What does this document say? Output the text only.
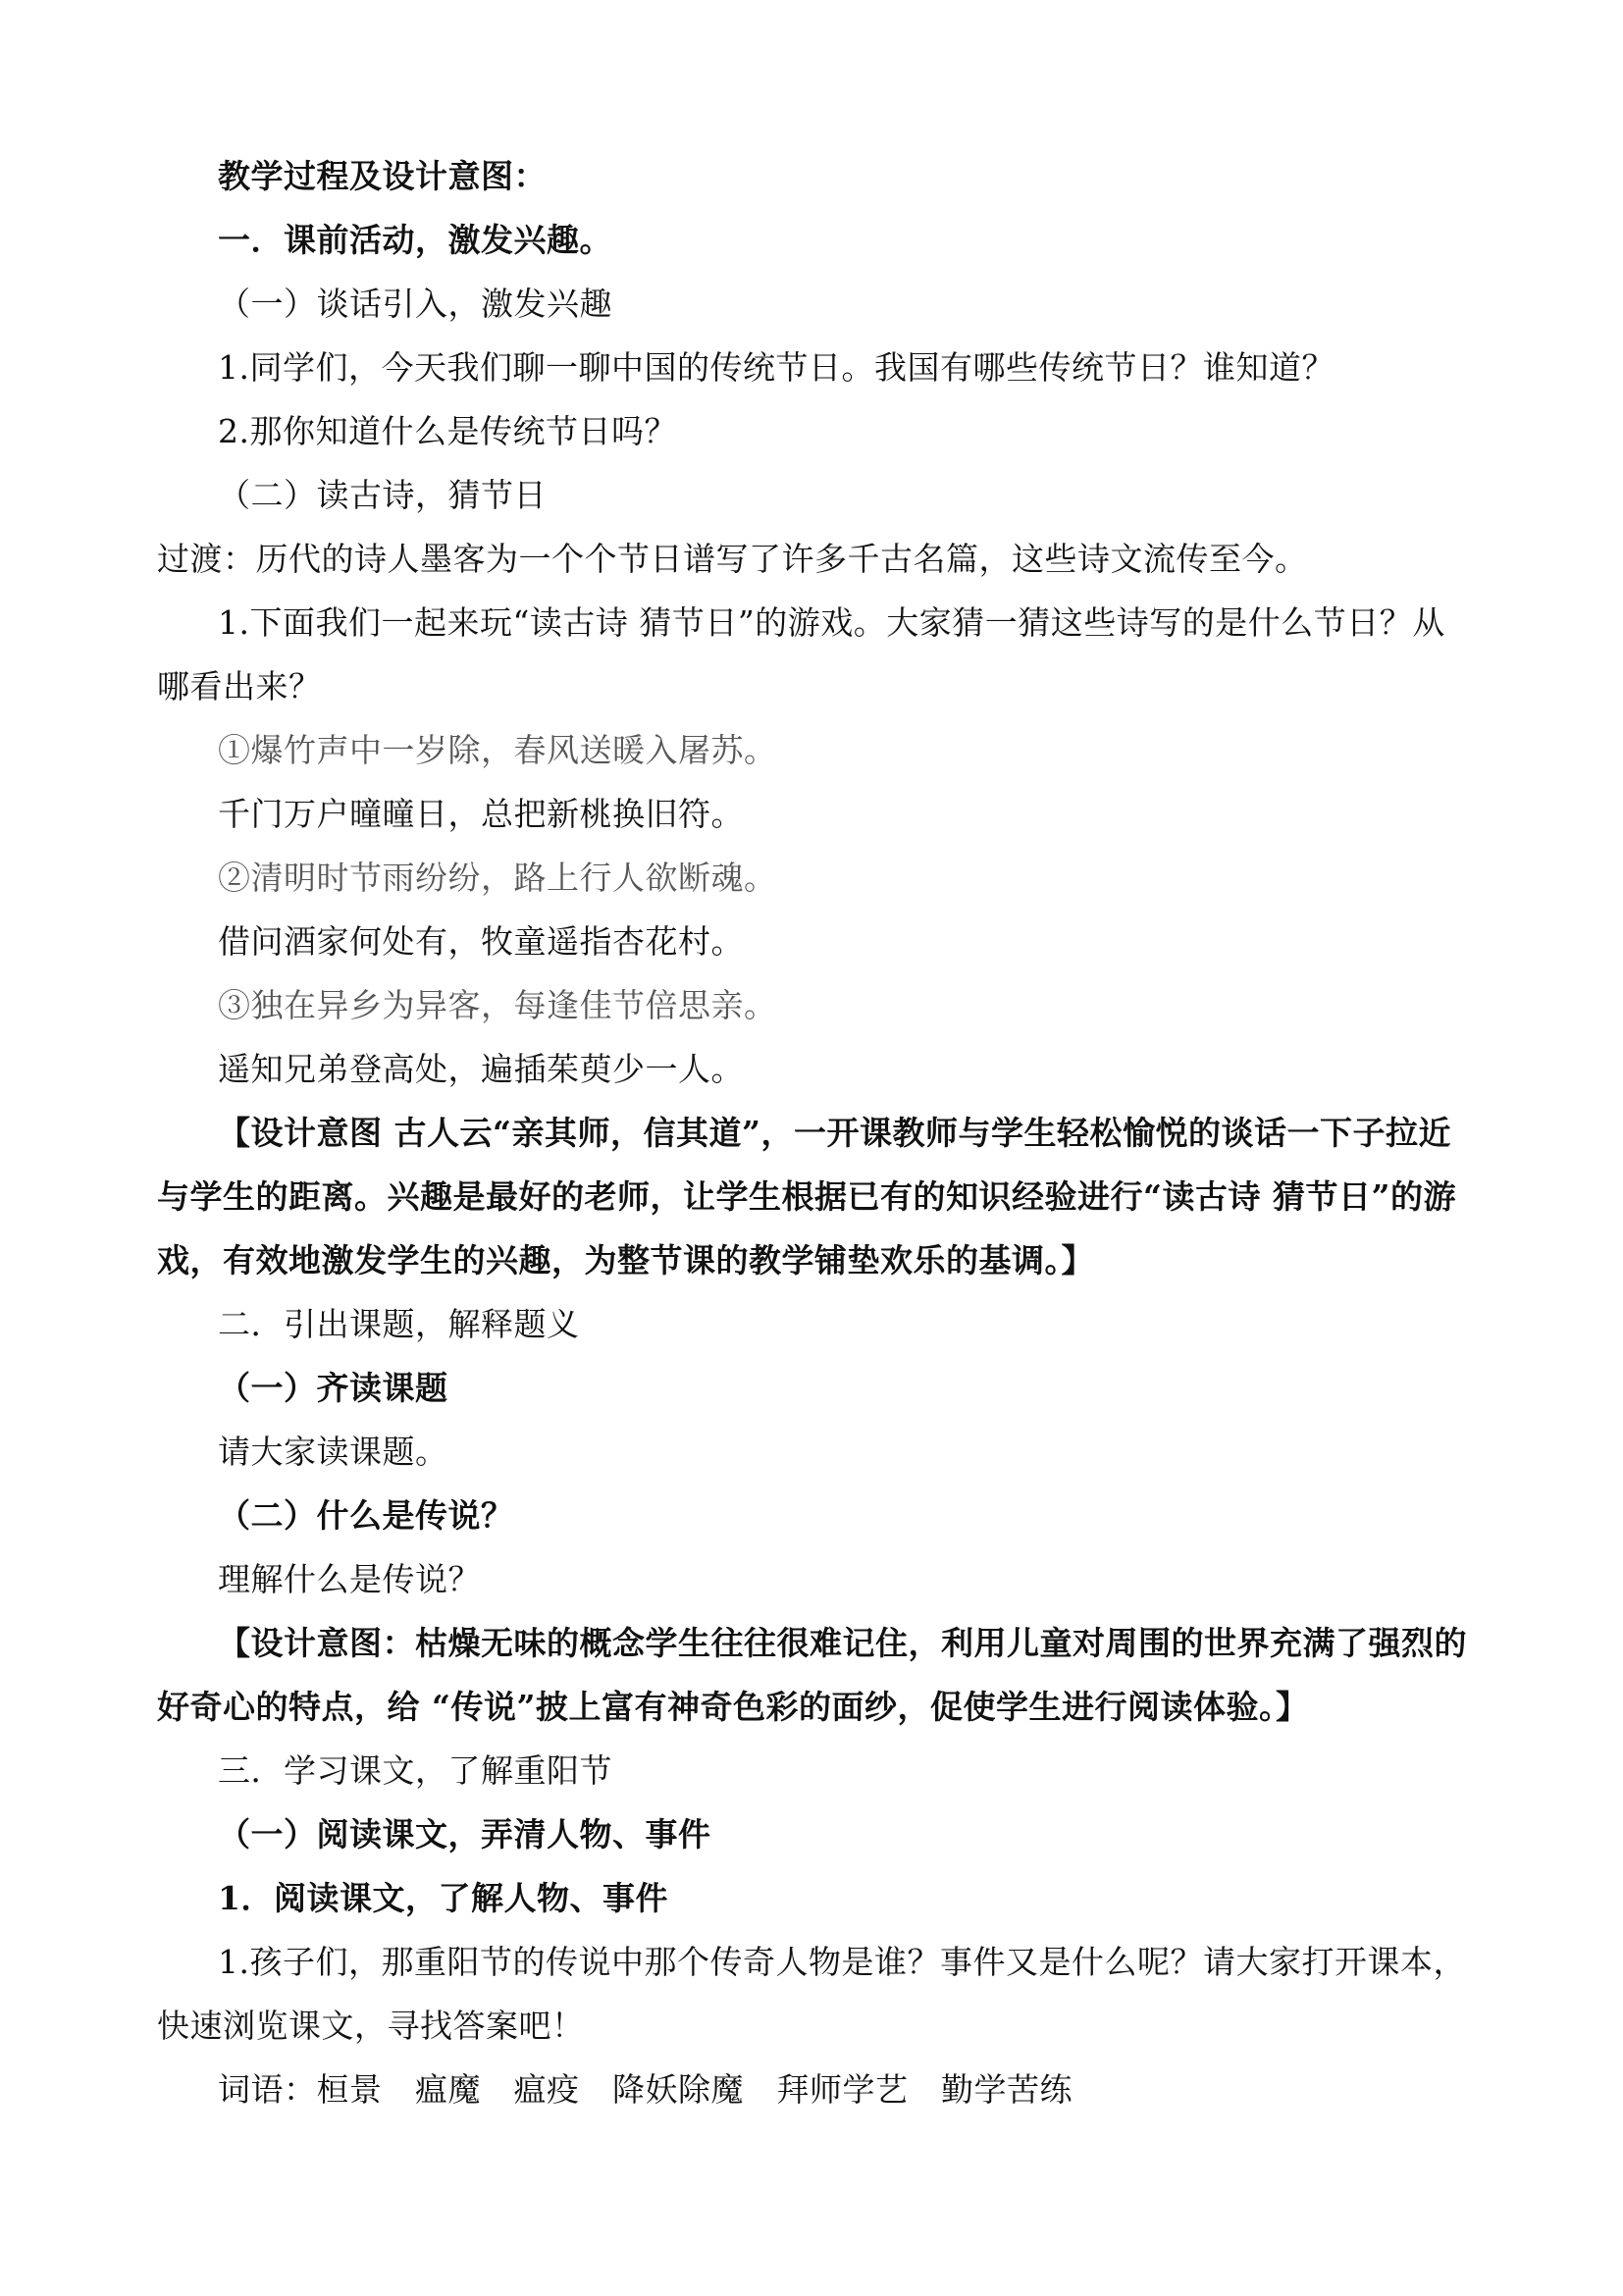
教学过程及设计意图：
一．课前活动，激发兴趣。
（一）谈话引入，激发兴趣
1.同学们，今天我们聊一聊中国的传统节日。我国有哪些传统节日？谁知道？
2.那你知道什么是传统节日吗？
（二）读古诗，猜节日
过渡：历代的诗人墨客为一个个节日谱写了许多千古名篇，这些诗文流传至今。
1.下面我们一起来玩“读古诗 猜节日”的游戏。大家猜一猜这些诗写的是什么节日？从
哪看出来？
①爆竹声中一岁除，春风送暖入屠苏。
千门万户曈曈日，总把新桃换旧符。
②清明时节雨纷纷，路上行人欲断魂。
借问酒家何处有，牧童遥指杏花村。
③独在异乡为异客，每逢佳节倍思亲。
遥知兄弟登高处，遍插茱萸少一人。
【设计意图 古人云“亲其师，信其道”，一开课教师与学生轻松愉悦的谈话一下子拉近
与学生的距离。兴趣是最好的老师，让学生根据已有的知识经验进行“读古诗 猜节日”的游
戏，有效地激发学生的兴趣，为整节课的教学铺垫欢乐的基调。】
二．引出课题，解释题义
（一）齐读课题
请大家读课题。
（二）什么是传说？
理解什么是传说？
【设计意图：枯燥无味的概念学生往往很难记住，利用儿童对周围的世界充满了强烈的
好奇心的特点，给 “传说”披上富有神奇色彩的面纱，促使学生进行阅读体验。】
三．学习课文，了解重阳节
（一）阅读课文，弄清人物、事件
1．阅读课文，了解人物、事件
1.孩子们，那重阳节的传说中那个传奇人物是谁？事件又是什么呢？请大家打开课本，
快速浏览课文，寻找答案吧！
词语：桓景　瘟魔　瘟疫　降妖除魔　拜师学艺　勤学苦练
